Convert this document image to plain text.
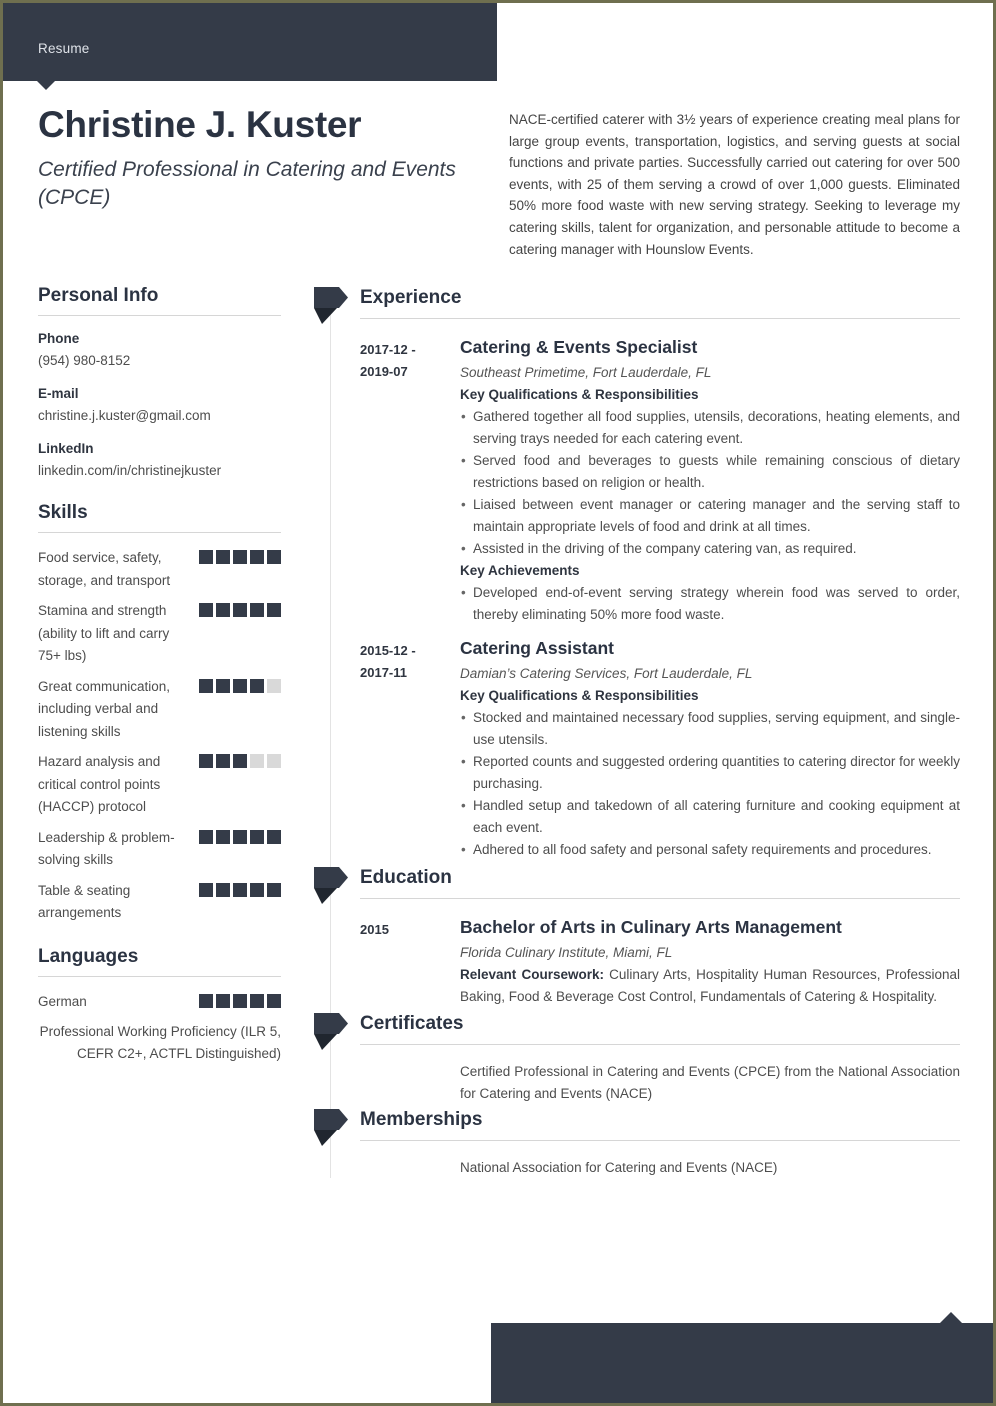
Resume
Christine J. Kuster
Certified Professional in Catering and Events (CPCE)

NACE-certified caterer with 3½ years of experience creating meal plans for large group events, transportation, logistics, and serving guests at social functions and private parties. Successfully carried out catering for over 500 events, with 25 of them serving a crowd of over 1,000 guests. Eliminated 50% more food waste with new serving strategy. Seeking to leverage my catering skills, talent for organization, and personable attitude to become a catering manager with Hounslow Events.

Personal Info
Phone
(954) 980-8152
E-mail
christine.j.kuster@gmail.com
LinkedIn
linkedin.com/in/christinejkuster
Skills
Food service, safety, storage, and transport
Stamina and strength (ability to lift and carry 75+ lbs)
Great communication, including verbal and listening skills
Hazard analysis and critical control points (HACCP) protocol
Leadership & problem-solving skills
Table & seating arrangements
Languages
German
Professional Working Proficiency (ILR 5, CEFR C2+, ACTFL Distinguished)
Experience
2017-12 -
2019-07
Catering & Events Specialist
Southeast Primetime, Fort Lauderdale, FL
Key Qualifications & Responsibilities
• Gathered together all food supplies, utensils, decorations, heating elements, and serving trays needed for each catering event.
• Served food and beverages to guests while remaining conscious of dietary restrictions based on religion or health.
• Liaised between event manager or catering manager and the serving staff to maintain appropriate levels of food and drink at all times.
• Assisted in the driving of the company catering van, as required.
Key Achievements
• Developed end-of-event serving strategy wherein food was served to order, thereby eliminating 50% more food waste.
2015-12 -
2017-11
Catering Assistant
Damian’s Catering Services, Fort Lauderdale, FL
Key Qualifications & Responsibilities
• Stocked and maintained necessary food supplies, serving equipment, and single-use utensils.
• Reported counts and suggested ordering quantities to catering director for weekly purchasing.
• Handled setup and takedown of all catering furniture and cooking equipment at each event.
• Adhered to all food safety and personal safety requirements and procedures.
Education
2015	Bachelor of Arts in Culinary Arts Management
Florida Culinary Institute, Miami, FL

Relevant Coursework: Culinary Arts, Hospitality Human Resources, Professional Baking, Food & Beverage Cost Control, Fundamentals of Catering & Hospitality.

Certificates

Certified Professional in Catering and Events (CPCE) from the National Association for Catering and Events (NACE)

Memberships

National Association for Catering and Events (NACE)
